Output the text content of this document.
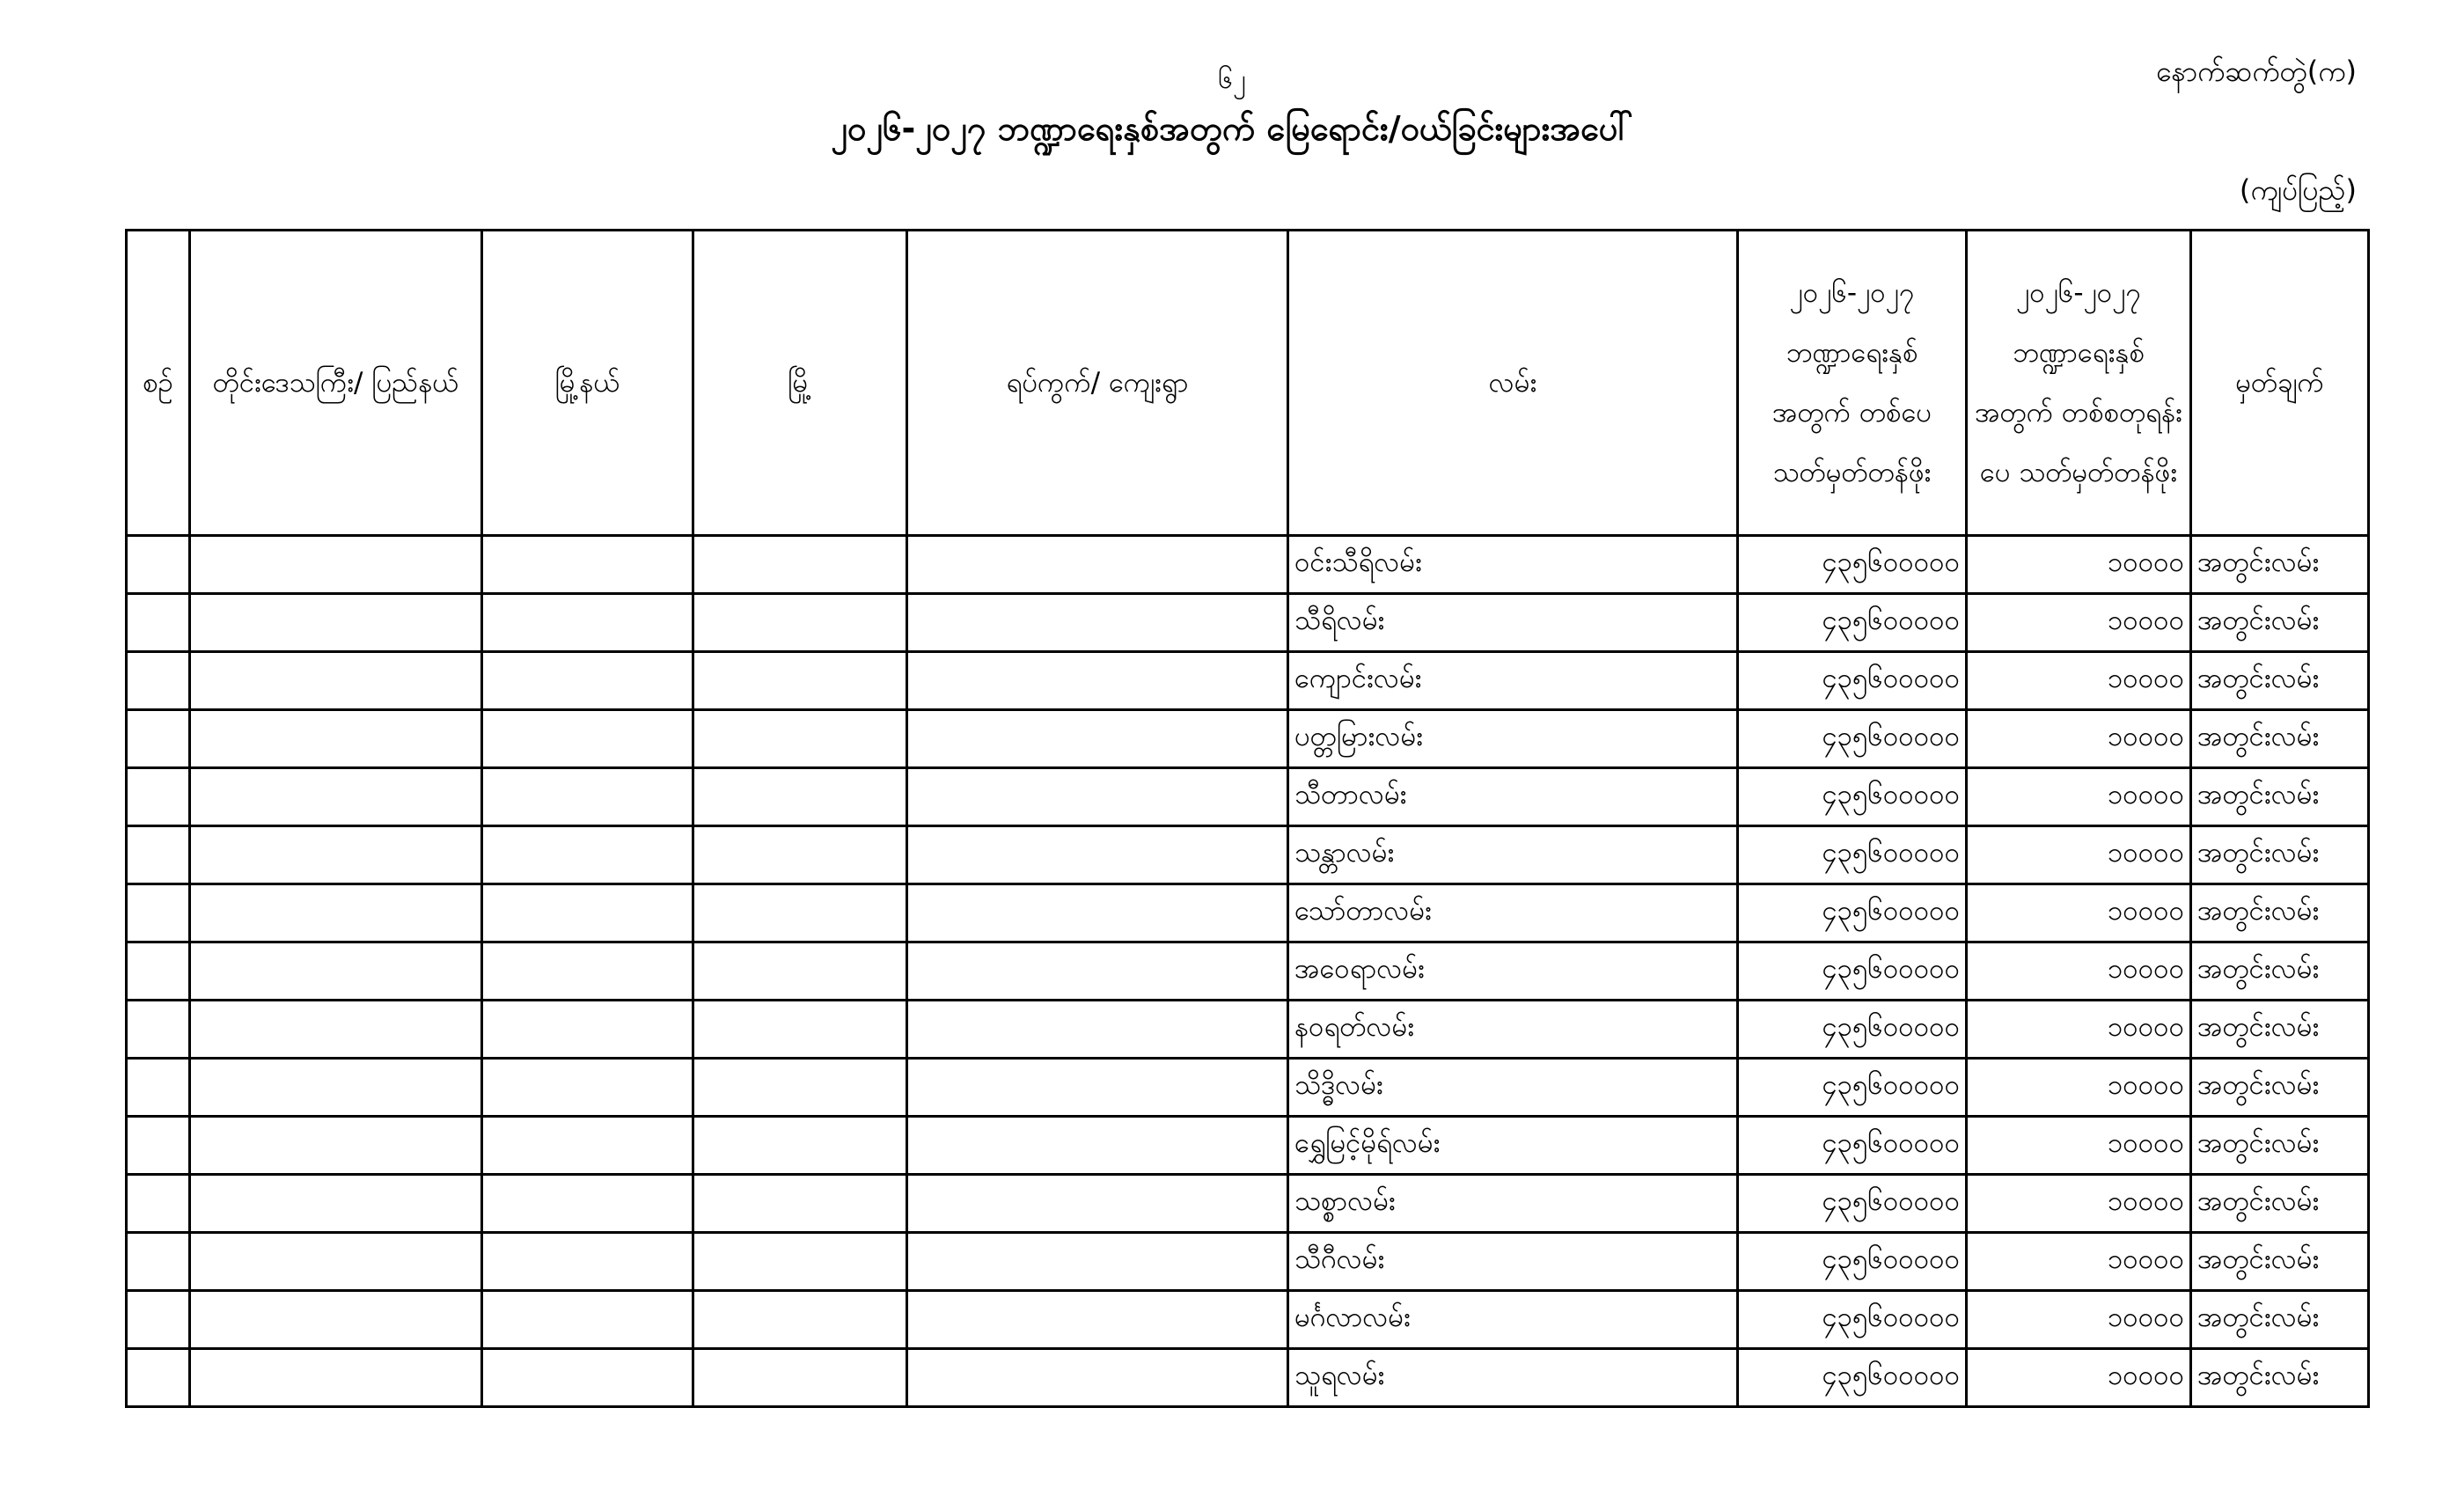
၆၂	နောက်ဆက်တွဲ(က)
၂၀၂၆-၂၀၂၇ ဘဏ္ဍာရေးနှစ်အတွက် မြေရောင်း/ဝယ်ခြင်းများအပေါ်
(ကျပ်ပြည့်)
စဉ်	တိုင်းဒေသကြီး/ ပြည်နယ်	မြို့နယ်	မြို့	ရပ်ကွက်/ ကျေးရွာ	လမ်း	၂၀၂၆-၂၀၂၇ ဘဏ္ဍာရေးနှစ် အတွက် တစ်ပေ သတ်မှတ်တန်ဖိုး	၂၀၂၆-၂၀၂၇ ဘဏ္ဍာရေးနှစ် အတွက် တစ်စတုရန်းပေ သတ်မှတ်တန်ဖိုး	မှတ်ချက်
					ဝင်းသီရိလမ်း	၄၃၅၆၀၀၀၀၀	၁၀၀၀၀	အတွင်းလမ်း
					သီရိလမ်း	၄၃၅၆၀၀၀၀၀	၁၀၀၀၀	အတွင်းလမ်း
					ကျောင်းလမ်း	၄၃၅၆၀၀၀၀၀	၁၀၀၀၀	အတွင်းလမ်း
					ပတ္တမြားလမ်း	၄၃၅၆၀၀၀၀၀	၁၀၀၀၀	အတွင်းလမ်း
					သီတာလမ်း	၄၃၅၆၀၀၀၀၀	၁၀၀၀၀	အတွင်းလမ်း
					သန္တာလမ်း	၄၃၅၆၀၀၀၀၀	၁၀၀၀၀	အတွင်းလမ်း
					သော်တာလမ်း	၄၃၅၆၀၀၀၀၀	၁၀၀၀၀	အတွင်းလမ်း
					အဝေရာလမ်း	၄၃၅၆၀၀၀၀၀	၁၀၀၀၀	အတွင်းလမ်း
					နဝရတ်လမ်း	၄၃၅၆၀၀၀၀၀	၁၀၀၀၀	အတွင်းလမ်း
					သိဒ္ဓိလမ်း	၄၃၅၆၀၀၀၀၀	၁၀၀၀၀	အတွင်းလမ်း
					ရွှေမြင့်မိုရ်လမ်း	၄၃၅၆၀၀၀၀၀	၁၀၀၀၀	အတွင်းလမ်း
					သစ္စာလမ်း	၄၃၅၆၀၀၀၀၀	၁၀၀၀၀	အတွင်းလမ်း
					သီဂီလမ်း	၄၃၅၆၀၀၀၀၀	၁၀၀၀၀	အတွင်းလမ်း
					မင်္ဂလာလမ်း	၄၃၅၆၀၀၀၀၀	၁၀၀၀၀	အတွင်းလမ်း
					သူရလမ်း	၄၃၅၆၀၀၀၀၀	၁၀၀၀၀	အတွင်းလမ်း
